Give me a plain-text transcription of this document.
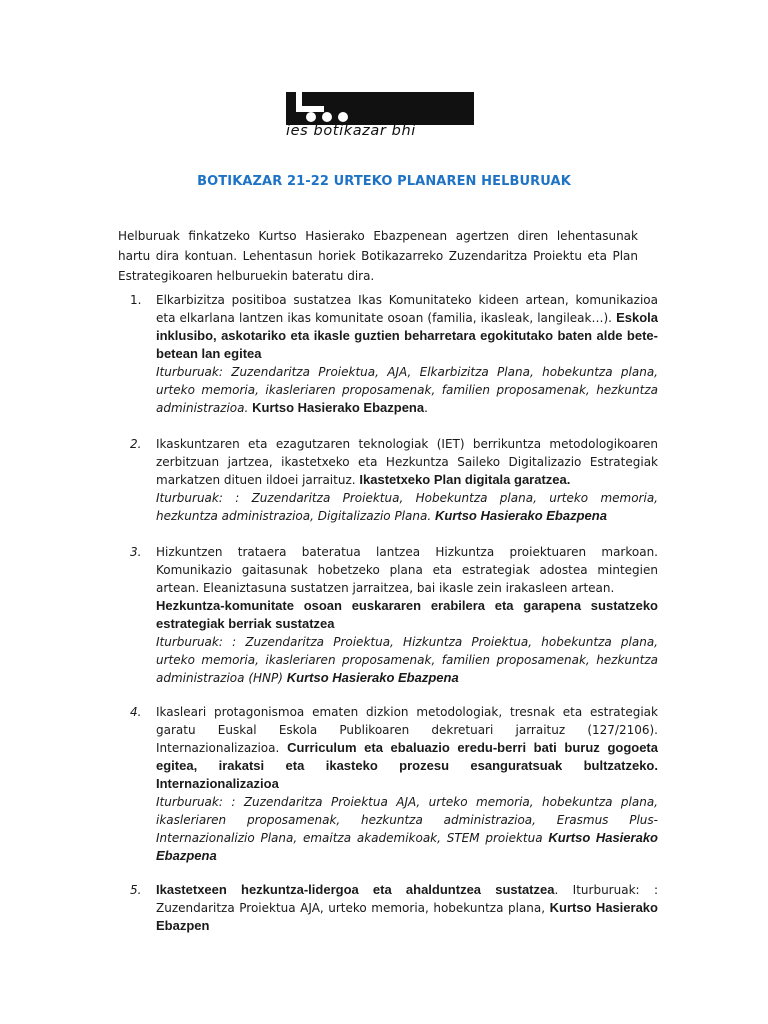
ies botikazar bhi
BOTIKAZAR 21-22 URTEKO PLANAREN HELBURUAK
Helburuak finkatzeko Kurtso Hasierako Ebazpenean agertzen diren lehentasunak hartu dira kontuan. Lehentasun horiek Botikazarreko Zuzendaritza Proiektu eta Plan Estrategikoaren helburuekin bateratu dira.
1. Elkarbizitza positiboa sustatzea Ikas Komunitateko kideen artean, komunikazioa eta elkarlana lantzen ikas komunitate osoan (familia, ikasleak, langileak…). Eskola inklusibo, askotariko eta ikasle guztien beharretara egokitutako baten alde bete-betean lan egitea
Iturburuak: Zuzendaritza Proiektua, AJA, Elkarbizitza Plana, hobekuntza plana, urteko memoria, ikasleriaren proposamenak, familien proposamenak, hezkuntza administrazioa. Kurtso Hasierako Ebazpena.
2. Ikaskuntzaren eta ezagutzaren teknologiak (IET) berrikuntza metodologikoaren zerbitzuan jartzea, ikastetxeko eta Hezkuntza Saileko Digitalizazio Estrategiak markatzen dituen ildoei jarraituz. Ikastetxeko Plan digitala garatzea.
Iturburuak: : Zuzendaritza Proiektua, Hobekuntza plana, urteko memoria, hezkuntza administrazioa, Digitalizazio Plana. Kurtso Hasierako Ebazpena
3. Hizkuntzen trataera bateratua lantzea Hizkuntza proiektuaren markoan. Komunikazio gaitasunak hobetzeko plana eta estrategiak adostea mintegien artean. Eleaniztasuna sustatzen jarraitzea, bai ikasle zein irakasleen artean.
Hezkuntza-komunitate osoan euskararen erabilera eta garapena sustatzeko estrategiak berriak sustatzea
Iturburuak: : Zuzendaritza Proiektua, Hizkuntza Proiektua, hobekuntza plana, urteko memoria, ikasleriaren proposamenak, familien proposamenak, hezkuntza administrazioa (HNP) Kurtso Hasierako Ebazpena
4. Ikasleari protagonismoa ematen dizkion metodologiak, tresnak eta estrategiak garatu Euskal Eskola Publikoaren dekretuari jarraituz (127/2106). Internazionalizazioa. Curriculum eta ebaluazio eredu-berri bati buruz gogoeta egitea, irakatsi eta ikasteko prozesu esanguratsuak bultzatzeko. Internazionalizazioa
Iturburuak: : Zuzendaritza Proiektua AJA, urteko memoria, hobekuntza plana, ikasleriaren proposamenak, hezkuntza administrazioa, Erasmus Plus-Internazionalizio Plana, emaitza akademikoak, STEM proiektua Kurtso Hasierako Ebazpena
5. Ikastetxeen hezkuntza-lidergoa eta ahalduntzea sustatzea. Iturburuak: : Zuzendaritza Proiektua AJA, urteko memoria, hobekuntza plana, Kurtso Hasierako Ebazpen
